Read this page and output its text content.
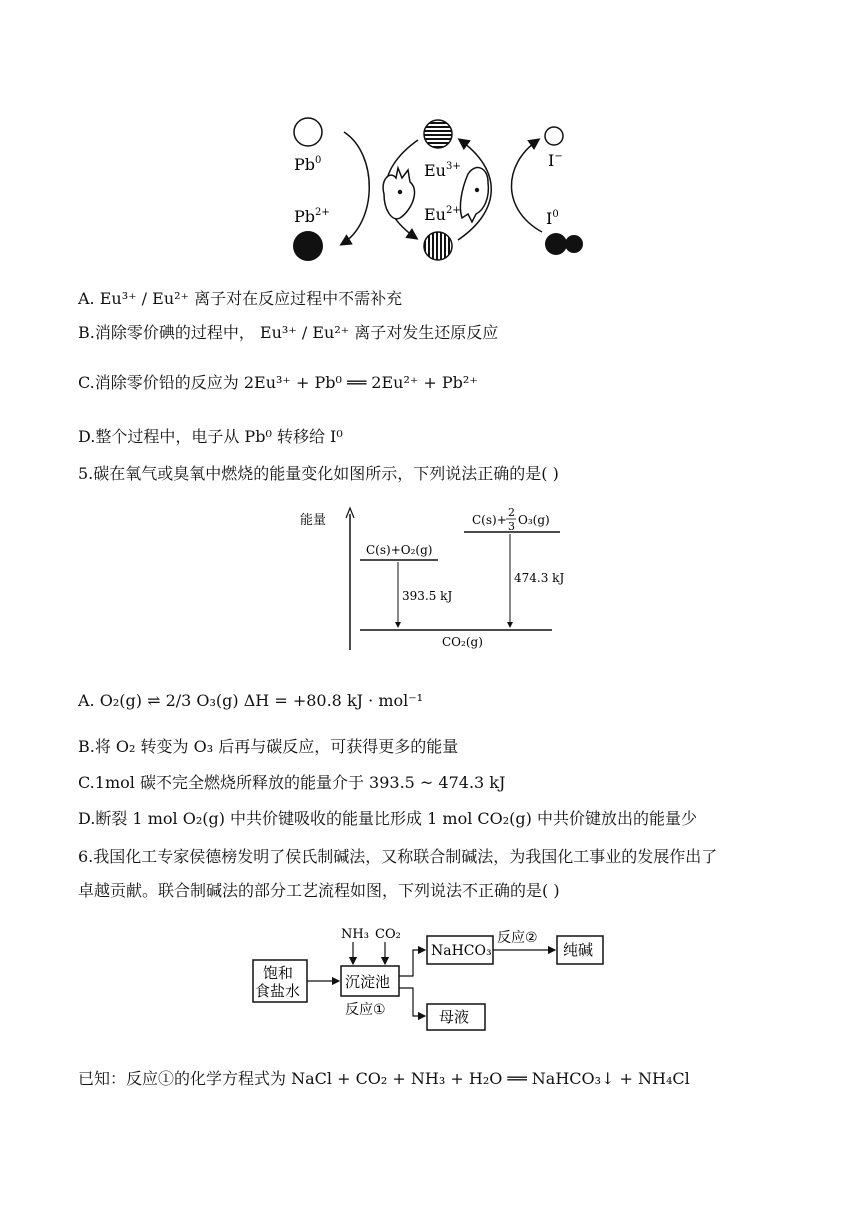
Pb$^0$
$Pb^{2+}$
$Eu^{3+}$
$Eu^{2+}$
I−
$I^0$
A. Eu³⁺ / Eu²⁺ 离子对在反应过程中不需补充
B.消除零价碘的过程中， Eu³⁺ / Eu²⁺ 离子对发生还原反应
C.消除零价铅的反应为 2Eu³⁺ + Pb⁰ ══ 2Eu²⁺ + Pb²⁺
D.整个过程中，电子从 Pb⁰ 转移给 I⁰
5.碳在氧气或臭氧中燃烧的能量变化如图所示，下列说法正确的是( )
能量
C(s)+O₂(g)
C(s)+
2
3 O₃(g)
393.5 kJ
474.3 kJ
CO₂(g)
A. O₂(g) ⇌ 2/3 O₃(g) ΔH = +80.8 kJ · mol⁻¹
B.将 O₂ 转变为 O₃ 后再与碳反应，可获得更多的能量
C.1mol 碳不完全燃烧所释放的能量介于 393.5 ~ 474.3 kJ
D.断裂 1 mol O₂(g) 中共价键吸收的能量比形成 1 mol CO₂(g) 中共价键放出的能量少
6.我国化工专家侯德榜发明了侯氏制碱法，又称联合制碱法，为我国化工事业的发展作出了
卓越贡献。联合制碱法的部分工艺流程如图，下列说法不正确的是( )
饱和
食盐水
NH₃ CO₂
沉淀池
反应①
NaHCO₃
反应②
纯碱
母液
已知：反应①的化学方程式为 NaCl + CO₂ + NH₃ + H₂O ══ NaHCO₃↓ + NH₄Cl
